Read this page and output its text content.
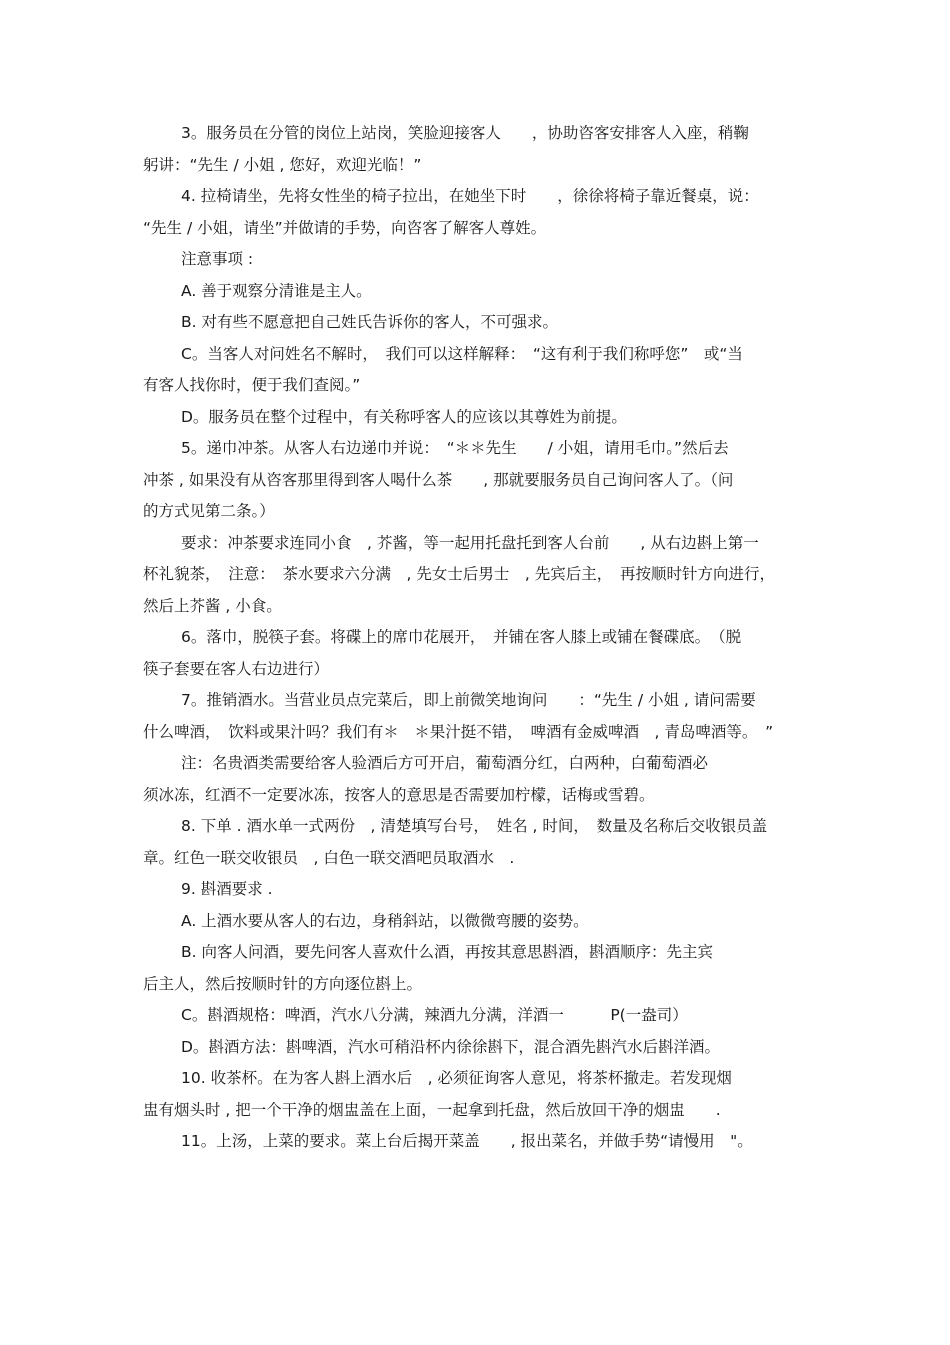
3。服务员在分管的岗位上站岗，笑脸迎接客人　　，协助咨客安排客人入座，稍鞠
躬讲：“先生 / 小姐 , 您好，欢迎光临！”
4. 拉椅请坐，先将女性坐的椅子拉出，在她坐下时　　，徐徐将椅子靠近餐桌，说：
“先生 / 小姐，请坐”并做请的手势，向咨客了解客人尊姓。
注意事项 :
A. 善于观察分清谁是主人。
B. 对有些不愿意把自己姓氏告诉你的客人，不可强求。
C。当客人对问姓名不解时，　我们可以这样解释：　“这有利于我们称呼您”　或“当
有客人找你时，便于我们查阅。”
D。服务员在整个过程中，有关称呼客人的应该以其尊姓为前提。
5。递巾冲茶。从客人右边递巾并说：　“＊＊先生　　/ 小姐，请用毛巾。”然后去
冲茶 , 如果没有从咨客那里得到客人喝什么茶　　, 那就要服务员自己询问客人了。（问
的方式见第二条。）
要求：冲茶要求连同小食　, 芥酱，等一起用托盘托到客人台前　　, 从右边斟上第一
杯礼貌茶，　注意：　茶水要求六分满　, 先女士后男士　, 先宾后主，　再按顺时针方向进行，
然后上芥酱 , 小食。
6。落巾，脱筷子套。将碟上的席巾花展开，　并铺在客人膝上或铺在餐碟底。　（脱
筷子套要在客人右边进行）
7。推销酒水。当营业员点完菜后，即上前微笑地询问　　：“先生 / 小姐 , 请问需要
什么啤酒，　饮料或果汁吗？我们有＊　＊果汁挺不错，　啤酒有金威啤酒　, 青岛啤酒等。　”
注：名贵酒类需要给客人验酒后方可开启，葡萄酒分红，白两种，白葡萄酒必
须冰冻，红酒不一定要冰冻，按客人的意思是否需要加柠檬，话梅或雪碧。
8. 下单 . 酒水单一式两份　, 清楚填写台号，　姓名 , 时间，　数量及名称后交收银员盖
章。红色一联交收银员　, 白色一联交酒吧员取酒水　.
9. 斟酒要求 .
A. 上酒水要从客人的右边，身稍斜站，以微微弯腰的姿势。
B. 向客人问酒，要先问客人喜欢什么酒，再按其意思斟酒，斟酒顺序：先主宾
后主人，然后按顺时针的方向逐位斟上。
C。斟酒规格：啤酒，汽水八分满，辣酒九分满，洋酒一　　　P(一盎司）
D。斟酒方法：斟啤酒，汽水可稍沿杯内徐徐斟下，混合酒先斟汽水后斟洋酒。
10. 收茶杯。在为客人斟上酒水后　, 必须征询客人意见，将茶杯撤走。若发现烟
盅有烟头时 , 把一个干净的烟盅盖在上面，一起拿到托盘，然后放回干净的烟盅　　.
11。上汤，上菜的要求。菜上台后揭开菜盖　　, 报出菜名，并做手势“请慢用　"。
